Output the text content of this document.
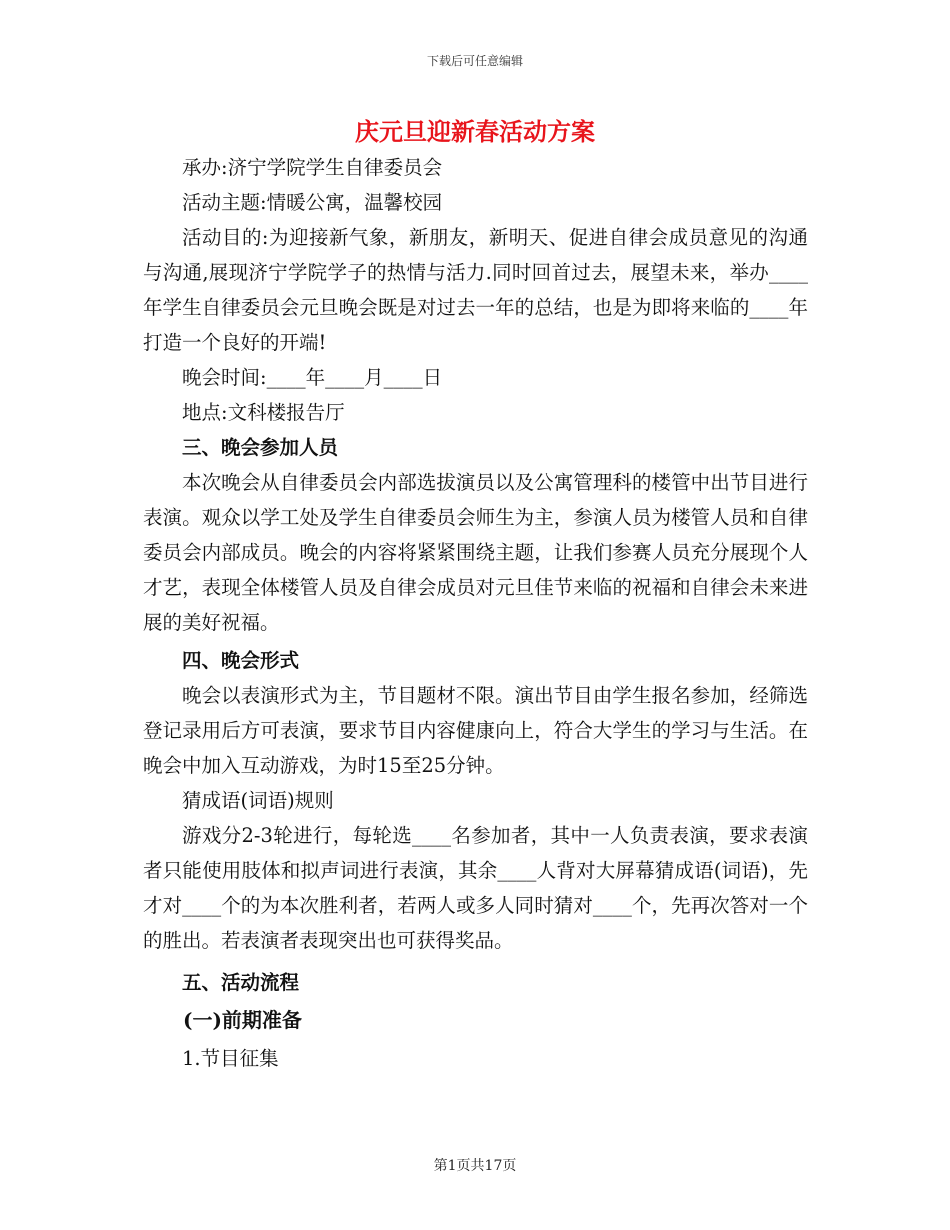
下载后可任意编辑
庆元旦迎新春活动方案

承办:济宁学院学生自律委员会

活动主题:情暖公寓，温馨校园

活动目的:为迎接新气象，新朋友，新明天、促进自律会成员意见的沟通与沟通,展现济宁学院学子的热情与活力.同时回首过去，展望未来，举办____年学生自律委员会元旦晚会既是对过去一年的总结，也是为即将来临的____年打造一个良好的开端!

晚会时间:____年____月____日

地点:文科楼报告厅

三、晚会参加人员

本次晚会从自律委员会内部选拔演员以及公寓管理科的楼管中出节目进行表演。观众以学工处及学生自律委员会师生为主，参演人员为楼管人员和自律委员会内部成员。晚会的内容将紧紧围绕主题，让我们参赛人员充分展现个人才艺，表现全体楼管人员及自律会成员对元旦佳节来临的祝福和自律会未来进展的美好祝福。

四、晚会形式

晚会以表演形式为主，节目题材不限。演出节目由学生报名参加，经筛选登记录用后方可表演，要求节目内容健康向上，符合大学生的学习与生活。在晚会中加入互动游戏，为时15至25分钟。

猜成语(词语)规则

游戏分2-3轮进行，每轮选____名参加者，其中一人负责表演，要求表演者只能使用肢体和拟声词进行表演，其余____人背对大屏幕猜成语(词语)，先才对____个的为本次胜利者，若两人或多人同时猜对____个，先再次答对一个的胜出。若表演者表现突出也可获得奖品。

五、活动流程

(一)前期准备

1.节目征集

第1页共17页
